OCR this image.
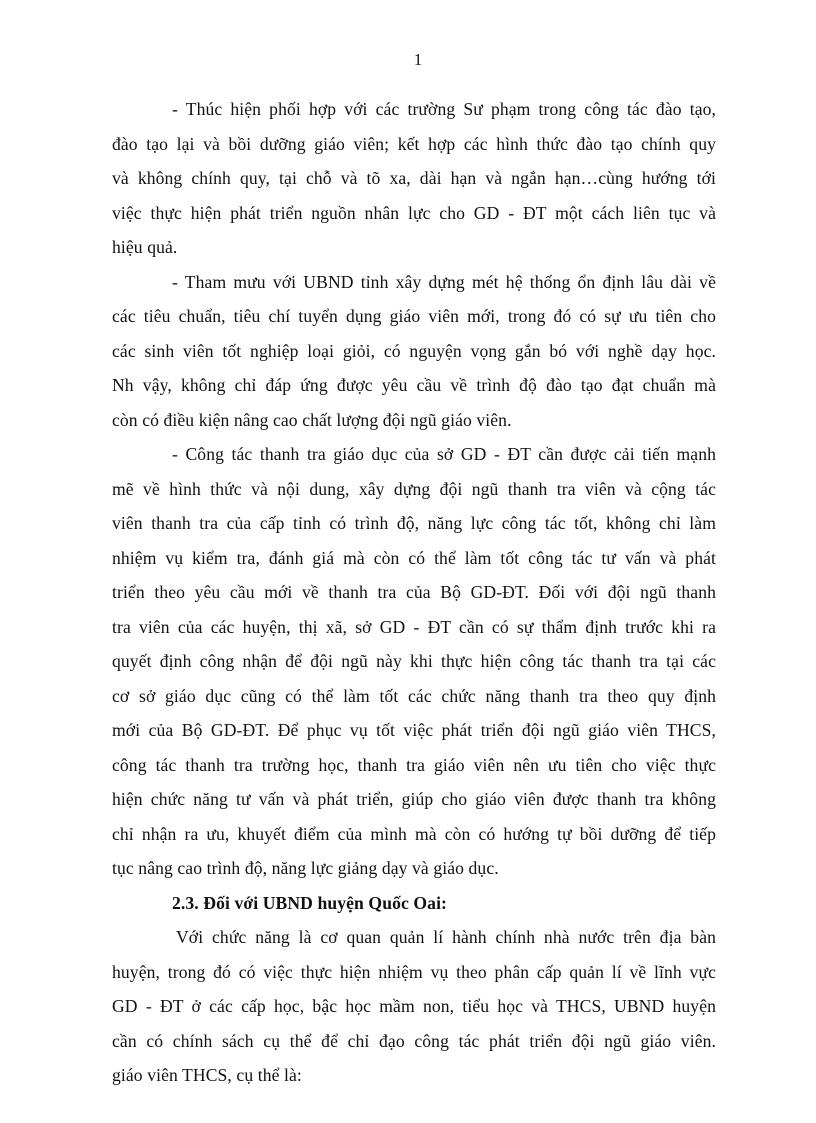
1
- Thúc hiện phối hợp với các trường Sư phạm trong công tác đào tạo,
đào tạo lại và bồi dưỡng giáo viên; kết hợp các hình thức đào tạo chính quy
và không chính quy, tại chỗ và tõ xa, dài hạn và ngắn hạn…cùng hướng tới
việc thực hiện phát triển nguồn nhân lực cho GD - ĐT một cách liên tục và
hiệu quả.
- Tham mưu với UBND tỉnh xây dựng mét hệ thống ổn định lâu dài về
các tiêu chuẩn, tiêu chí tuyển dụng giáo viên mới, trong đó có sự ưu tiên cho
các sinh viên tốt nghiệp loại giỏi, có nguyện vọng gắn bó với nghề dạy học.
Nh vậy, không chỉ đáp ứng được yêu cầu về trình độ đào tạo đạt chuẩn mà
còn có điều kiện nâng cao chất lượng đội ngũ giáo viên.
- Công tác thanh tra giáo dục của sở GD - ĐT cần được cải tiến mạnh
mẽ về hình thức và nội dung, xây dựng đội ngũ thanh tra viên và cộng tác
viên thanh tra của cấp tỉnh có trình độ, năng lực công tác tốt, không chỉ làm
nhiệm vụ kiểm tra, đánh giá mà còn có thể làm tốt công tác tư vấn và phát
triển theo yêu cầu mới về thanh tra của Bộ GD-ĐT. Đối với đội ngũ thanh
tra viên của các huyện, thị xã, sở GD - ĐT cần có sự thẩm định trước khi ra
quyết định công nhận để đội ngũ này khi thực hiện công tác thanh tra tại các
cơ sở giáo dục cũng có thể làm tốt các chức năng thanh tra theo quy định
mới của Bộ GD-ĐT. Để phục vụ tốt việc phát triển đội ngũ giáo viên THCS,
công tác thanh tra trường học, thanh tra giáo viên nên ưu tiên cho việc thực
hiện chức năng tư vấn và phát triển, giúp cho giáo viên được thanh tra không
chỉ nhận ra ưu, khuyết điểm của mình mà còn có hướng tự bồi dưỡng để tiếp
tục nâng cao trình độ, năng lực giảng dạy và giáo dục.
2.3. Đối với UBND huyện Quốc Oai:
Với chức năng là cơ quan quản lí hành chính nhà nước trên địa bàn
huyện, trong đó có việc thực hiện nhiệm vụ theo phân cấp quản lí về lĩnh vực
GD - ĐT ở các cấp học, bậc học mầm non, tiểu học và THCS, UBND huyện
cần có chính sách cụ thể để chỉ đạo công tác phát triển đội ngũ giáo viên.
giáo viên THCS, cụ thể là:
